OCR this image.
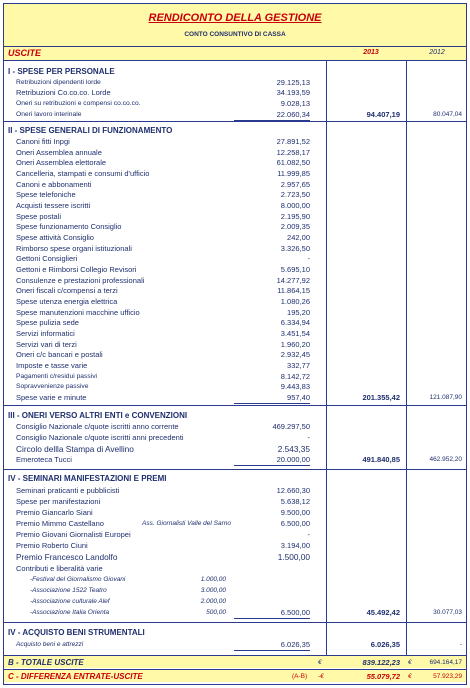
RENDICONTO DELLA GESTIONE
CONTO CONSUNTIVO DI CASSA
USCITE	2013	2012
I - SPESE PER PERSONALE
Retribuzioni dipendenti lorde	29.125,13
Retribuzioni Co.co.co. Lorde	34.193,59
Oneri su retribuzioni e compensi co.co.co.	9.028,13
Oneri lavoro interinale	22.060,34	94.407,19	80.047,04
II - SPESE GENERALI DI FUNZIONAMENTO
Canoni fitti Inpgi	27.891,52
Oneri Assemblea annuale	12.258,17
Oneri Assemblea elettorale	61.082,50
Cancelleria, stampati e consumi d'ufficio	11.999,85
Canoni e abbonamenti	2.957,65
Spese telefoniche	2.723,50
Acquisti tessere iscritti	8.000,00
Spese postali	2.195,90
Spese funzionamento Consiglio	2.009,35
Spese attività Consiglio	242,00
Rimborso spese organi istituzionali	3.326,50
Gettoni Consiglieri	-
Gettoni e Rimborsi Collegio Revisori	5.695,10
Consulenze e prestazioni professionali	14.277,92
Oneri fiscali c/compensi a terzi	11.864,15
Spese utenza energia elettrica	1.080,26
Spese manutenzioni macchine ufficio	195,20
Spese pulizia sede	6.334,94
Servizi informatici	3.451,54
Servizi vari di terzi	1.960,20
Oneri c/c bancari e postali	2.932,45
Imposte e tasse varie	332,77
Pagamenti c/residui passivi	8.142,72
Sopravvenienze passive	9.443,83
Spese varie e minute	957,40	201.355,42	121.087,90
III - ONERI VERSO ALTRI ENTI e CONVENZIONI
Consiglio Nazionale c/quote iscritti anno corrente	469.297,50
Consiglio Nazionale c/quote iscritti anni precedenti	-
Circolo dellla Stampa di Avellino	2.543,35
Emeroteca Tucci	20.000,00	491.840,85	462.952,20
IV - SEMINARI MANIFESTAZIONI E PREMI
Seminari praticanti e pubblicisti	12.660,30
Spese per manifestazioni	5.638,12
Premio Giancarlo Siani	9.500,00
Premio Mimmo Castellano	Ass. Giornalisti Valle del Sarno	6.500,00
Premio Giovani Giornalisti Europei	-
Premio Roberto Ciuni	3.194,00
Premio Francesco Landolfo	1.500,00
Contributi e liberalità varie
-Festival del Giornalismo Giovani	1.000,00
-Associazione 1522 Teatro	3.000,00
-Associazione culturale Alef	2.000,00
-Associazione Italia Orienta	500,00	6.500,00	45.492,42	30.077,03
IV - ACQUISTO BENI STRUMENTALI
Acquisto beni e attrezzi	6.026,35	6.026,35	-
B - TOTALE USCITE	€	839.122,23 €	694.164,17
C - DIFFERENZA ENTRATE-USCITE	(A-B) -€	55.079,72 €	57.923,29
